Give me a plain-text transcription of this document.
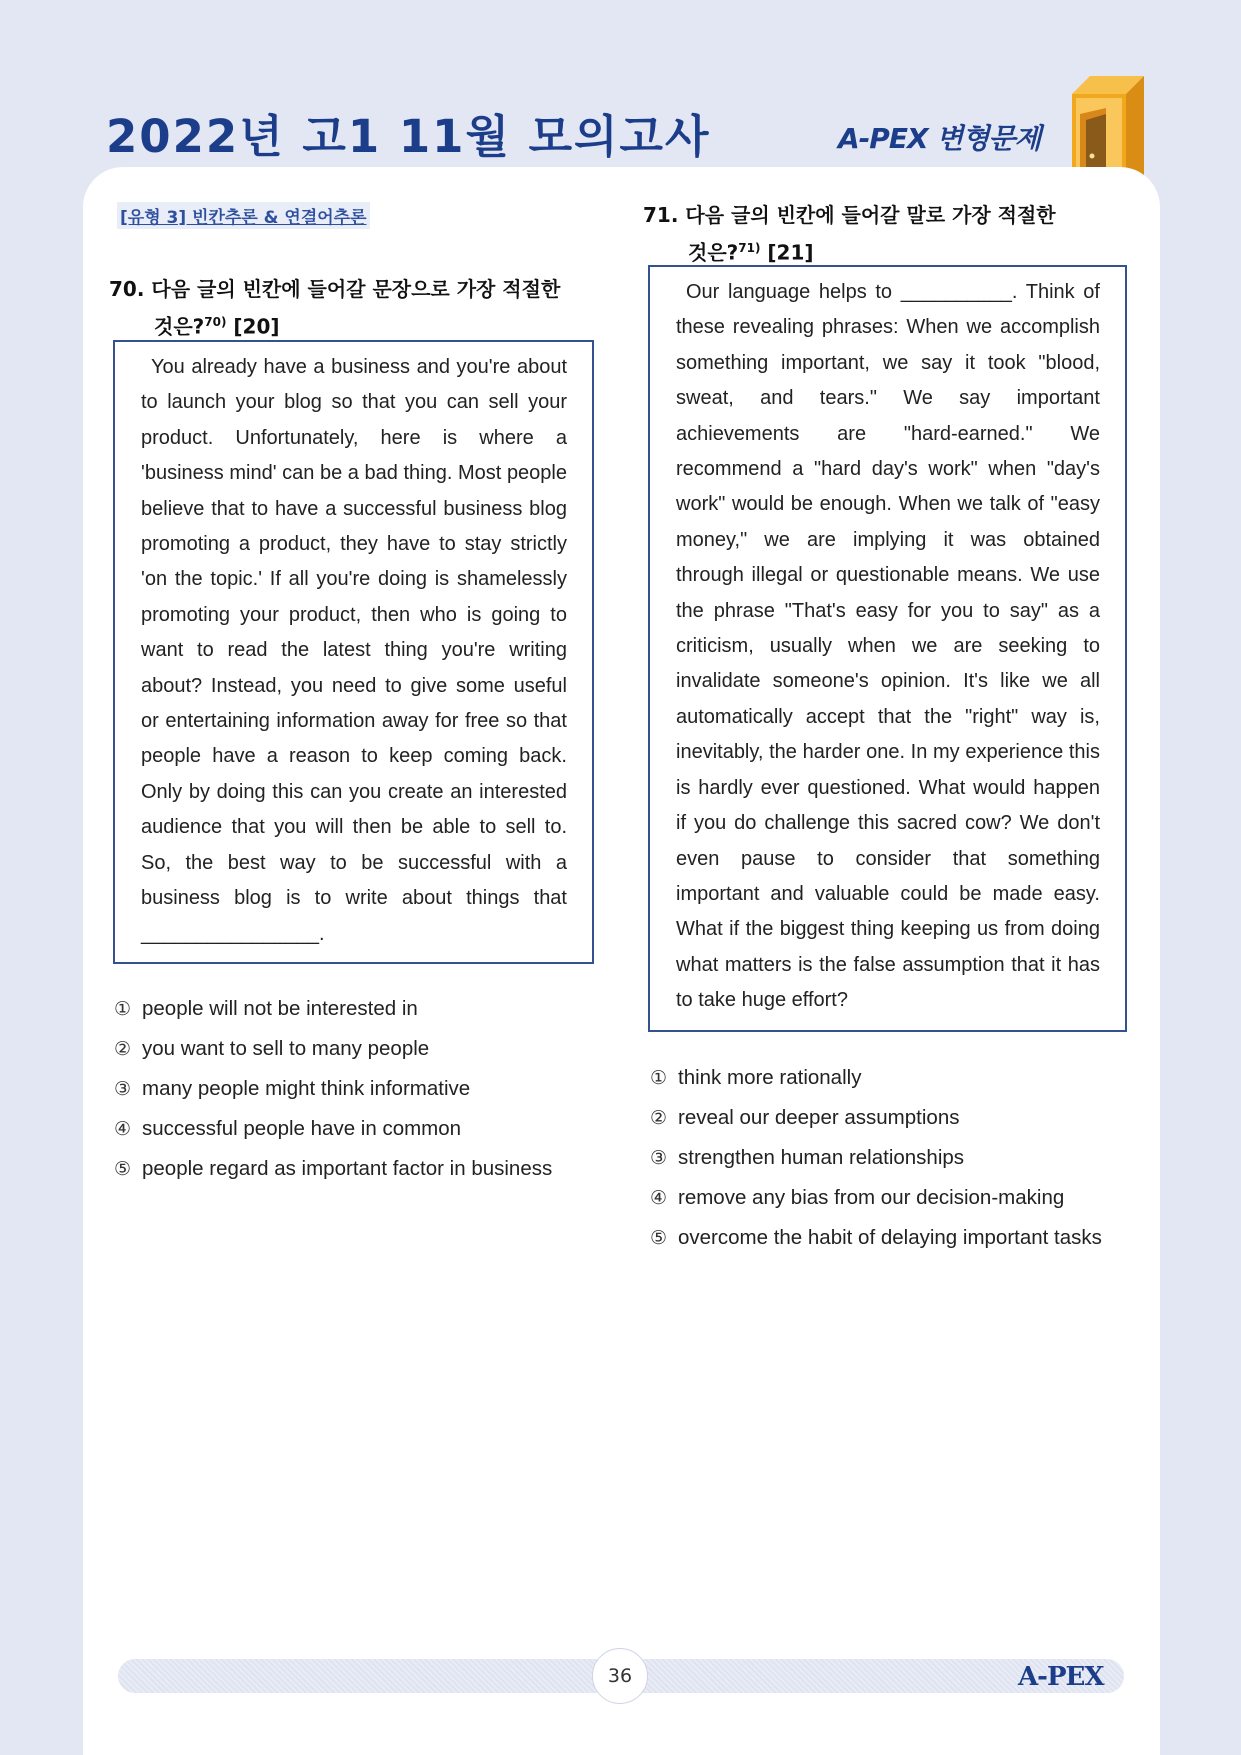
2022년 고1 11월 모의고사	A-PEX 변형문제
[유형 3] 빈칸추론 & 연결어추론
70. 다음 글의 빈칸에 들어갈 문장으로 가장 적절한
것은?$^{70)}$ [20]

You already have a business and you're about to launch your blog so that you can sell your product. Unfortunately, here is where a 'business mind' can be a bad thing. Most people believe that to have a successful business blog promoting a product, they have to stay strictly 'on the topic.' If all you're doing is shamelessly promoting your product, then who is going to want to read the latest thing you're writing about? Instead, you need to give some useful or entertaining information away for free so that people have a reason to keep coming back. Only by doing this can you create an interested audience that you will then be able to sell to. So, the best way to be successful with a business blog is to write about things that ________________.

① people will not be interested in
② you want to sell to many people
③ many people might think informative
④ successful people have in common
⑤ people regard as important factor in business
71. 다음 글의 빈칸에 들어갈 말로 가장 적절한
것은?$^{71)}$ [21]

Our language helps to __________. Think of these revealing phrases: When we accomplish something important, we say it took "blood, sweat, and tears." We say important achievements are "hard-earned." We recommend a "hard day's work" when "day's work" would be enough. When we talk of "easy money," we are implying it was obtained through illegal or questionable means. We use the phrase "That's easy for you to say" as a criticism, usually when we are seeking to invalidate someone's opinion. It's like we all automatically accept that the "right" way is, inevitably, the harder one. In my experience this is hardly ever questioned. What would happen if you do challenge this sacred cow? We don't even pause to consider that something important and valuable could be made easy. What if the biggest thing keeping us from doing what matters is the false assumption that it has to take huge effort?

① think more rationally
② reveal our deeper assumptions
③ strengthen human relationships
④ remove any bias from our decision-making
⑤ overcome the habit of delaying important tasks
36	A-PEX
